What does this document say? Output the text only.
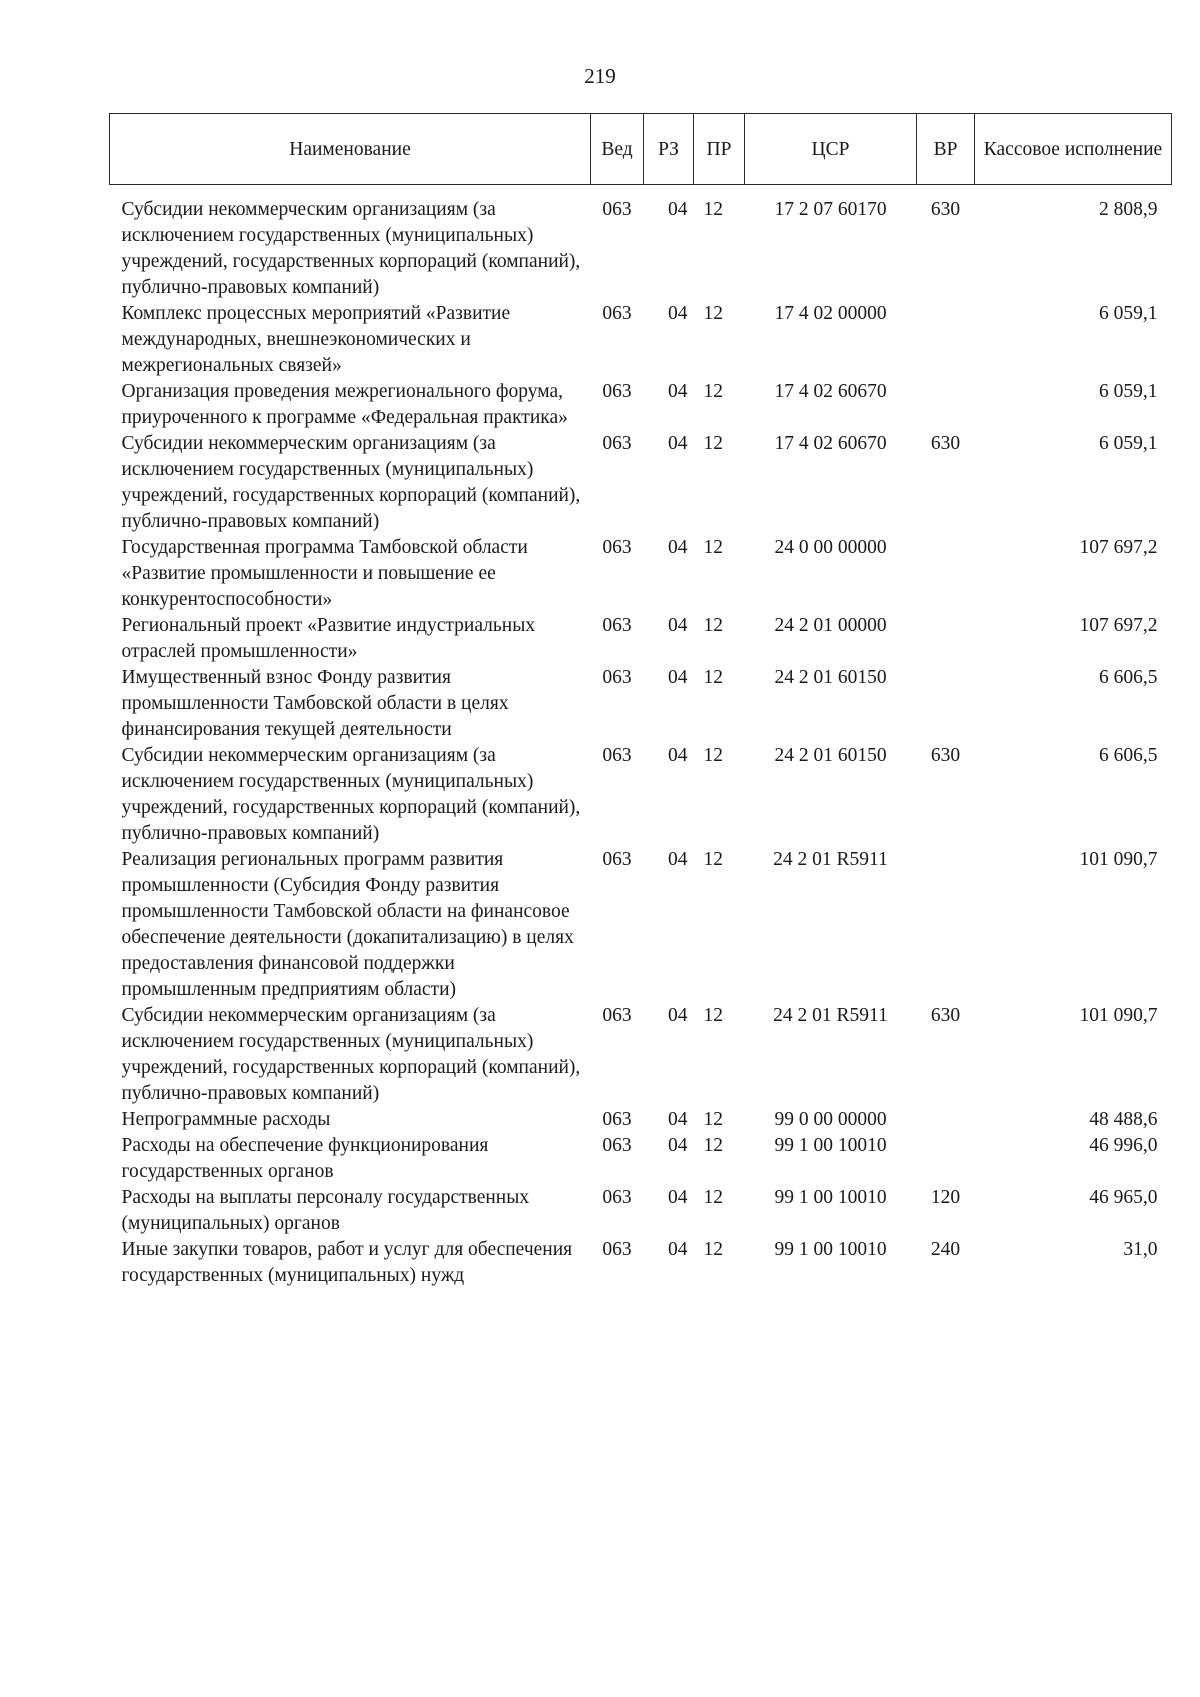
219
Наименование	Вед	РЗ	ПР	ЦСР	ВР	Кассовое исполнение
Субсидии некоммерческим организациям (за исключением государственных (муниципальных) учреждений, государственных корпораций (компаний), публично-правовых компаний)	063	04	12	17 2 07 60170	630	2 808,9
Комплекс процессных мероприятий «Развитие международных, внешнеэкономических и межрегиональных связей»	063	04	12	17 4 02 00000		6 059,1
Организация проведения межрегионального форума, приуроченного к программе «Федеральная практика»	063	04	12	17 4 02 60670		6 059,1
Субсидии некоммерческим организациям (за исключением государственных (муниципальных) учреждений, государственных корпораций (компаний), публично-правовых компаний)	063	04	12	17 4 02 60670	630	6 059,1
Государственная программа Тамбовской области «Развитие промышленности и повышение ее конкурентоспособности»	063	04	12	24 0 00 00000		107 697,2
Региональный проект «Развитие индустриальных отраслей промышленности»	063	04	12	24 2 01 00000		107 697,2
Имущественный взнос Фонду развития промышленности Тамбовской области в целях финансирования текущей деятельности	063	04	12	24 2 01 60150		6 606,5
Субсидии некоммерческим организациям (за исключением государственных (муниципальных) учреждений, государственных корпораций (компаний), публично-правовых компаний)	063	04	12	24 2 01 60150	630	6 606,5
Реализация региональных программ развития промышленности (Субсидия Фонду развития промышленности Тамбовской области на финансовое обеспечение деятельности (докапитализацию) в целях предоставления финансовой поддержки промышленным предприятиям области)	063	04	12	24 2 01 R5911		101 090,7
Субсидии некоммерческим организациям (за исключением государственных (муниципальных) учреждений, государственных корпораций (компаний), публично-правовых компаний)	063	04	12	24 2 01 R5911	630	101 090,7
Непрограммные расходы	063	04	12	99 0 00 00000		48 488,6
Расходы на обеспечение функционирования государственных органов	063	04	12	99 1 00 10010		46 996,0
Расходы на выплаты персоналу государственных (муниципальных) органов	063	04	12	99 1 00 10010	120	46 965,0
Иные закупки товаров, работ и услуг для обеспечения государственных (муниципальных) нужд	063	04	12	99 1 00 10010	240	31,0
